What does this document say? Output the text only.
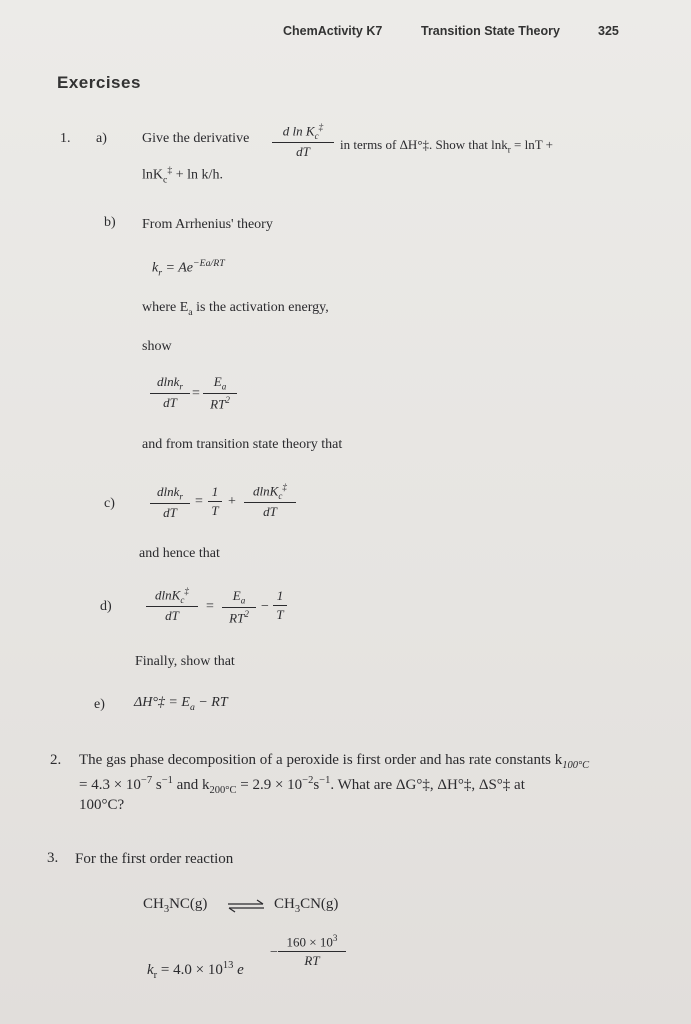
ChemActivity K7	Transition State Theory	325
Exercises
1. a)	Give the derivative
d $\ln K_c^\ddagger$
dT	in terms of ΔH°‡. Show that lnk$_r$ = lnT +
lnK$_c$‡ + ln k/h.
b) From Arrhenius' theory
$k_r = Ae^{-Ea/RT}$
where $E_a$ is the activation energy,
show
dlnk$_r$
dT
=
$E_a$
$RT^2$
and from transition state theory that
c)
dlnk$_r$
dT
=
1
T
+
dlnK$_c$‡
dT
and hence that
d)
dlnK$_c$‡
dT
=
$E_a$
$RT^2$ −
1
T
Finally, show that
e) ΔH°‡ = $E_a$ − RT
2. The gas phase decomposition of a peroxide is first order and has rate constants $k_{100^\circ C}$
= $4.3 \times 10^{-7}$ $s^{-1}$ and $k_{200^\circ C} = 2.9 \times 10^{-2}s^{-1}$. What are ΔG°‡, ΔH°‡, ΔS°‡ at
100°C?
3. For the first order reaction
$CH_3NC(g)$ ⇌ $CH_3CN(g)$
$k_r = 4.0 \times 10^{13}$ e
−
$160 \times 10^3$
RT
